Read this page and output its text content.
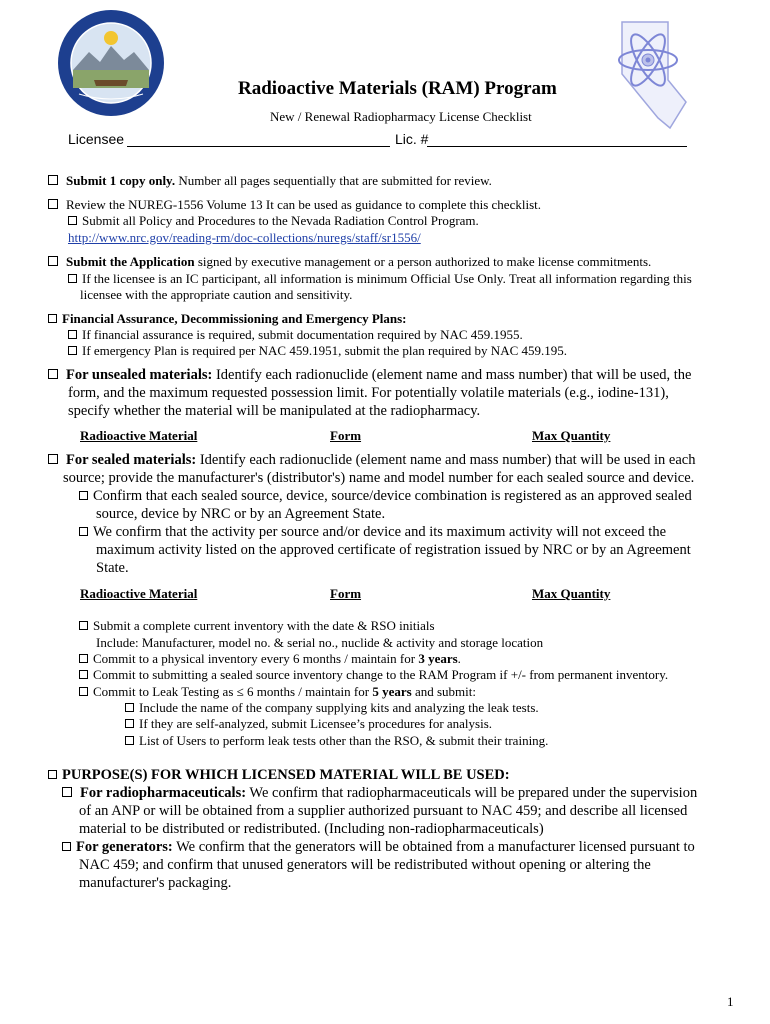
Radioactive Materials (RAM) Program
New / Renewal Radiopharmacy License Checklist
Licensee	Lic. #
Submit 1 copy only. Number all pages sequentially that are submitted for review.
Review the NUREG-1556 Volume 13 It can be used as guidance to complete this checklist.
Submit all Policy and Procedures to the Nevada Radiation Control Program.
http://www.nrc.gov/reading-rm/doc-collections/nuregs/staff/sr1556/
Submit the Application signed by executive management or a person authorized to make license commitments.
If the licensee is an IC participant, all information is minimum Official Use Only. Treat all information regarding this
licensee with the appropriate caution and sensitivity.
Financial Assurance, Decommissioning and Emergency Plans:
If financial assurance is required, submit documentation required by NAC 459.1955.
If emergency Plan is required per NAC 459.1951, submit the plan required by NAC 459.195.
For unsealed materials: Identify each radionuclide (element name and mass number) that will be used, the
form, and the maximum requested possession limit. For potentially volatile materials (e.g., iodine-131),
specify whether the material will be manipulated at the radiopharmacy.
Radioactive Material	Form	Max Quantity
For sealed materials: Identify each radionuclide (element name and mass number) that will be used in each
source; provide the manufacturer's (distributor's) name and model number for each sealed source and device.
Confirm that each sealed source, device, source/device combination is registered as an approved sealed
source, device by NRC or by an Agreement State.
We confirm that the activity per source and/or device and its maximum activity will not exceed the
maximum activity listed on the approved certificate of registration issued by NRC or by an Agreement
State.
Radioactive Material	Form	Max Quantity
Submit a complete current inventory with the date & RSO initials
Include: Manufacturer, model no. & serial no., nuclide & activity and storage location
Commit to a physical inventory every 6 months / maintain for 3 years.
Commit to submitting a sealed source inventory change to the RAM Program if +/- from permanent inventory.
Commit to Leak Testing as ≤ 6 months / maintain for 5 years and submit:
Include the name of the company supplying kits and analyzing the leak tests.
If they are self-analyzed, submit Licensee’s procedures for analysis.
List of Users to perform leak tests other than the RSO, & submit their training.
PURPOSE(S) FOR WHICH LICENSED MATERIAL WILL BE USED:
For radiopharmaceuticals: We confirm that radiopharmaceuticals will be prepared under the supervision
of an ANP or will be obtained from a supplier authorized pursuant to NAC 459; and describe all licensed
material to be distributed or redistributed. (Including non-radiopharmaceuticals)
For generators: We confirm that the generators will be obtained from a manufacturer licensed pursuant to
NAC 459; and confirm that unused generators will be redistributed without opening or altering the
manufacturer's packaging.
1
